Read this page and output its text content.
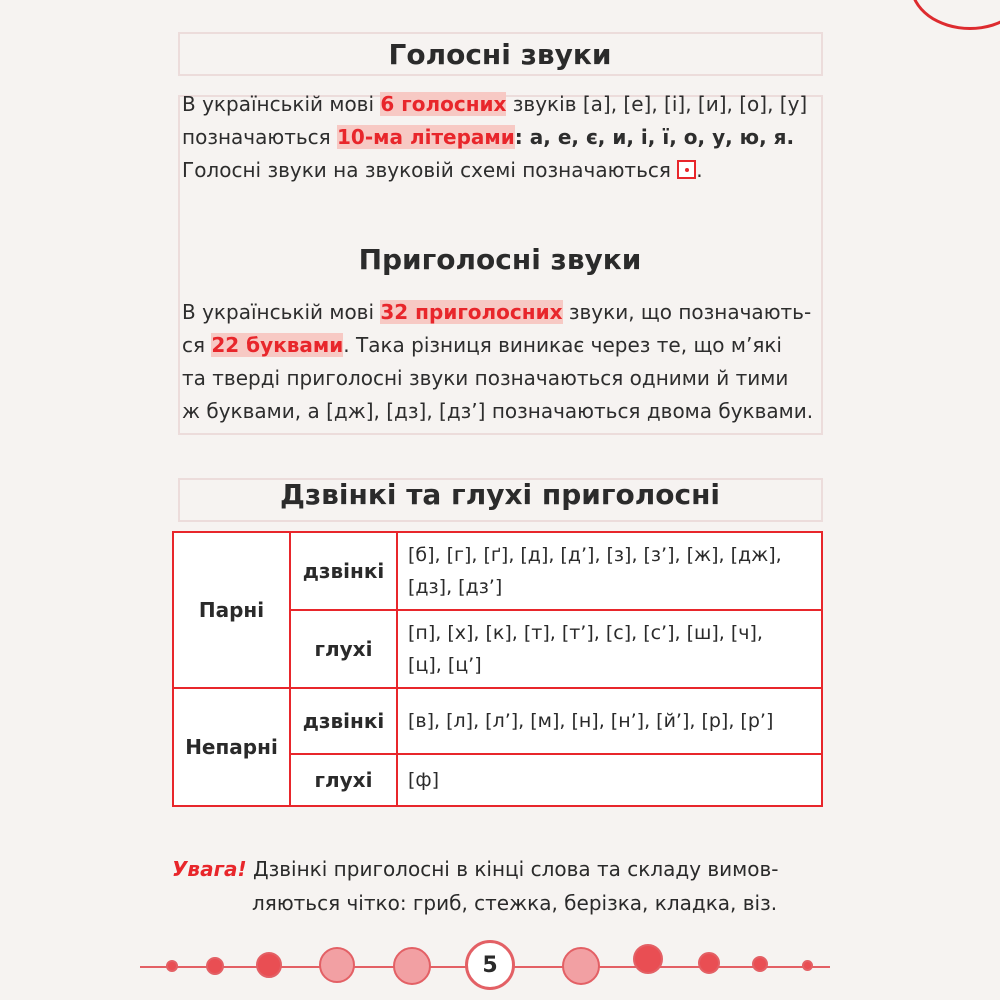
Голосні звуки
В українській мові 6 голосних звуків [а], [е], [і], [и], [о], [у]
позначаються 10-ма літерами: а, е, є, и, і, ї, о, у, ю, я.
Голосні звуки на звуковій схемі позначаються .
Приголосні звуки
В українській мові 32 приголосних звуки, що позначають-
ся 22 буквами. Така різниця виникає через те, що м’які
та тверді приголосні звуки позначаються одними й тими
ж буквами, а [дж], [дз], [дз’] позначаються двома буквами.
Дзвінкі та глухі приголосні
Парні	дзвінкі	[б], [г], [ґ], [д], [д’], [з], [з’], [ж], [дж],
[дз], [дз’]

	глухі	[п], [х], [к], [т], [т’], [с], [с’], [ш], [ч],
[ц], [ц’]

Непарні	дзвінкі	[в], [л], [л’], [м], [н], [н’], [й’], [р], [р’]
	глухі	[ф]
Увага! Дзвінкі приголосні в кінці слова та складу вимов-
ляються чітко: гриб, стежка, берізка, кладка, віз.
5
